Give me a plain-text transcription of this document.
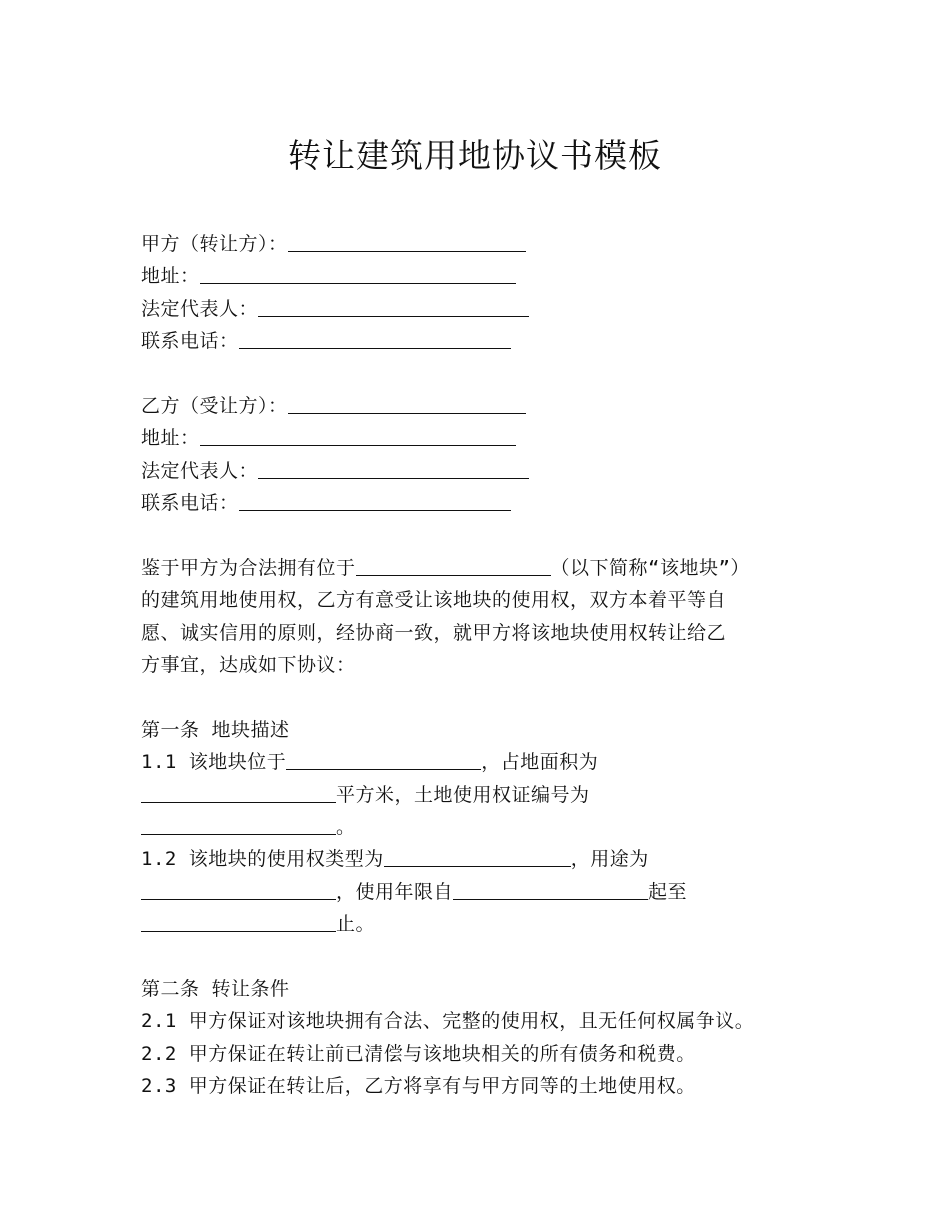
转让建筑用地协议书模板
甲方（转让方）：
地址：
法定代表人：
联系电话：
乙方（受让方）：
地址：
法定代表人：
联系电话：
鉴于甲方为合法拥有位于	（以下简称“该地块”）
的建筑用地使用权，乙方有意受让该地块的使用权，双方本着平等自
愿、诚实信用的原则，经协商一致，就甲方将该地块使用权转让给乙
方事宜，达成如下协议：
第一条 地块描述
1.1 该地块位于	，占地面积为
平方米，土地使用权证编号为
。
1.2 该地块的使用权类型为	，用途为
，使用年限自	起至
止。
第二条 转让条件
2.1 甲方保证对该地块拥有合法、完整的使用权，且无任何权属争议。
2.2 甲方保证在转让前已清偿与该地块相关的所有债务和税费。
2.3 甲方保证在转让后，乙方将享有与甲方同等的土地使用权。
